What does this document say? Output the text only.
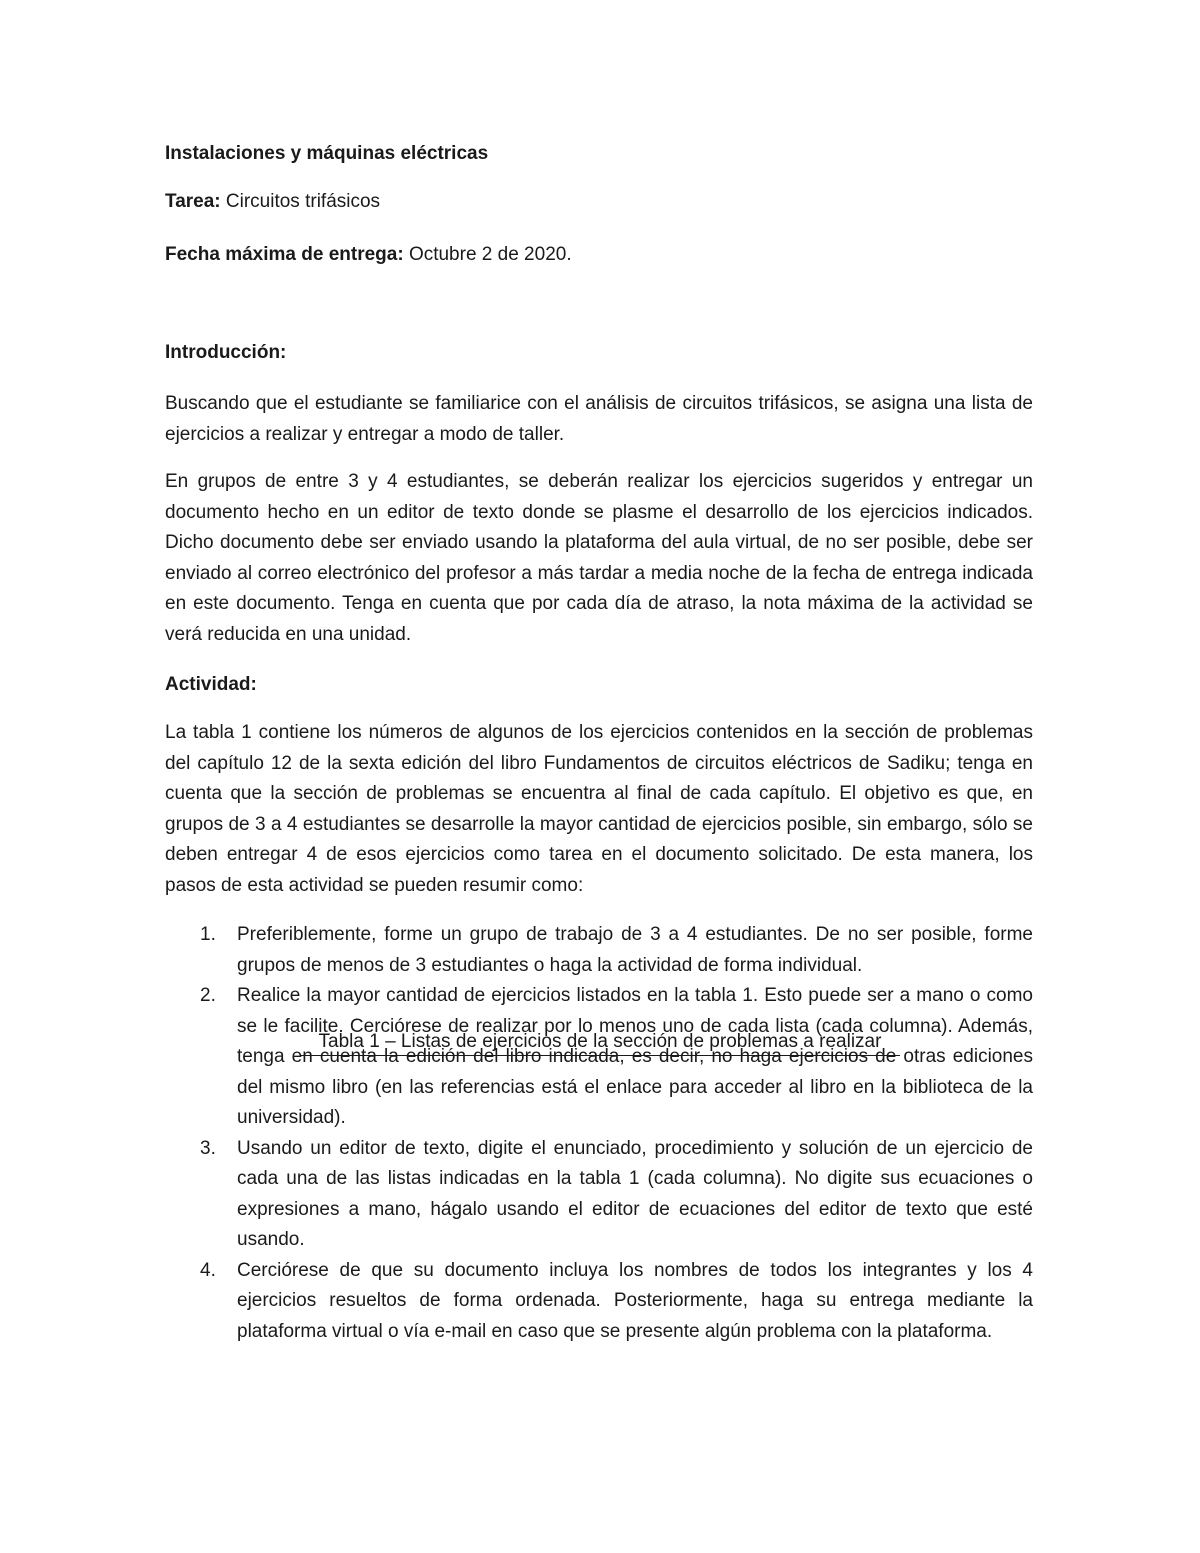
Instalaciones y máquinas eléctricas
Tarea: Circuitos trifásicos
Fecha máxima de entrega: Octubre 2 de 2020.
Introducción:
Buscando que el estudiante se familiarice con el análisis de circuitos trifásicos, se asigna una lista de ejercicios a realizar y entregar a modo de taller.
En grupos de entre 3 y 4 estudiantes, se deberán realizar los ejercicios sugeridos y entregar un documento hecho en un editor de texto donde se plasme el desarrollo de los ejercicios indicados. Dicho documento debe ser enviado usando la plataforma del aula virtual, de no ser posible, debe ser enviado al correo electrónico del profesor a más tardar a media noche de la fecha de entrega indicada en este documento. Tenga en cuenta que por cada día de atraso, la nota máxima de la actividad se verá reducida en una unidad.
Actividad:
La tabla 1 contiene los números de algunos de los ejercicios contenidos en la sección de problemas del capítulo 12 de la sexta edición del libro Fundamentos de circuitos eléctricos de Sadiku; tenga en cuenta que la sección de problemas se encuentra al final de cada capítulo. El objetivo es que, en grupos de 3 a 4 estudiantes se desarrolle la mayor cantidad de ejercicios posible, sin embargo, sólo se deben entregar 4 de esos ejercicios como tarea en el documento solicitado. De esta manera, los pasos de esta actividad se pueden resumir como:
1. Preferiblemente, forme un grupo de trabajo de 3 a 4 estudiantes. De no ser posible, forme grupos de menos de 3 estudiantes o haga la actividad de forma individual.
2. Realice la mayor cantidad de ejercicios listados en la tabla 1. Esto puede ser a mano o como se le facilite. Cerciórese de realizar por lo menos uno de cada lista (cada columna). Además, tenga en cuenta la edición del libro indicada, es decir, no haga ejercicios de otras ediciones del mismo libro (en las referencias está el enlace para acceder al libro en la biblioteca de la universidad).
3. Usando un editor de texto, digite el enunciado, procedimiento y solución de un ejercicio de cada una de las listas indicadas en la tabla 1 (cada columna). No digite sus ecuaciones o expresiones a mano, hágalo usando el editor de ecuaciones del editor de texto que esté usando.
4. Cerciórese de que su documento incluya los nombres de todos los integrantes y los 4 ejercicios resueltos de forma ordenada. Posteriormente, haga su entrega mediante la plataforma virtual o vía e-mail en caso que se presente algún problema con la plataforma.
Tabla 1 – Listas de ejercicios de la sección de problemas a realizar
